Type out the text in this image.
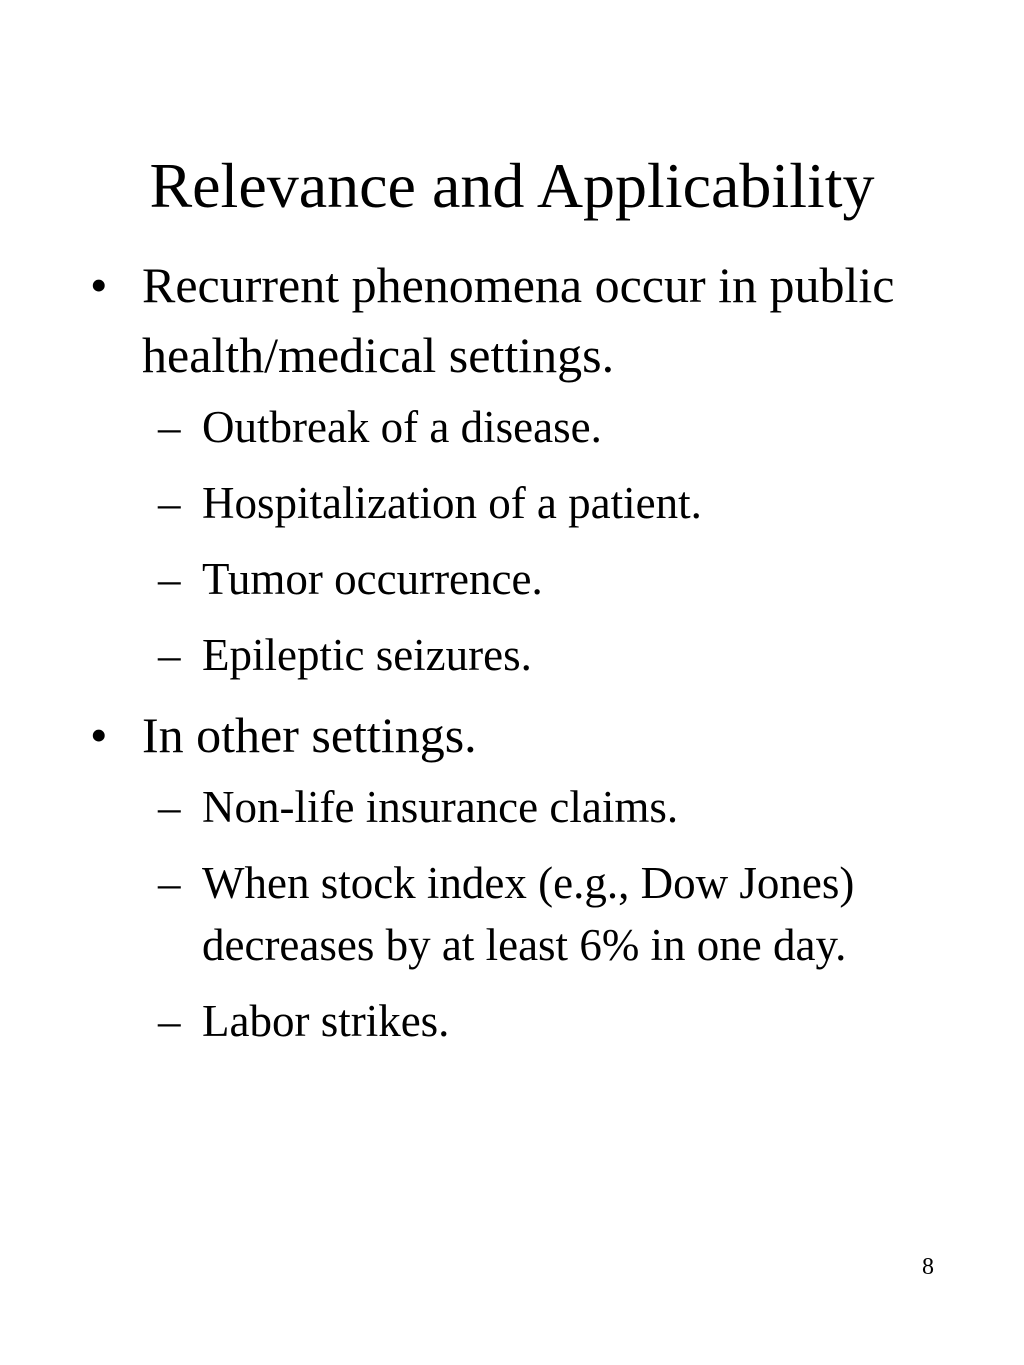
Relevance and Applicability

• Recurrent phenomena occur in public health/medical settings.

– Outbreak of a disease.
– Hospitalization of a patient.
– Tumor occurrence.
– Epileptic seizures.

• In other settings.

– Non-life insurance claims.
– When stock index (e.g., Dow Jones) decreases by at least 6% in one day.
– Labor strikes.
8
